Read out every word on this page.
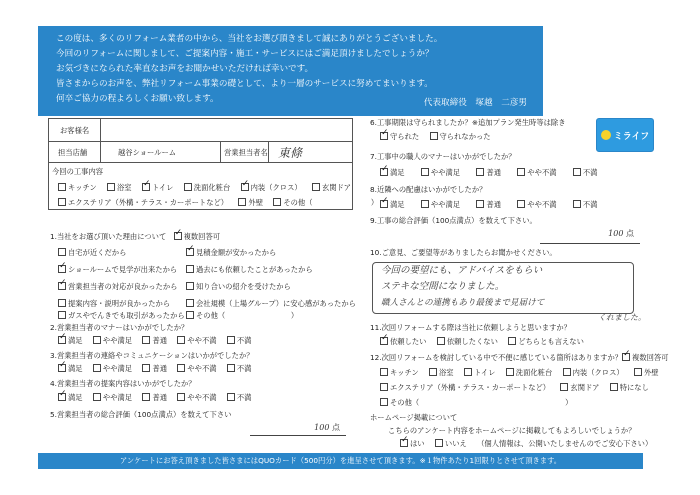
この度は、多くのリフォーム業者の中から、当社をお選び頂きまして誠にありがとうございました。
今回のリフォームに関しまして、ご提案内容・施工・サービスにはご満足頂けましたでしょうか？
お気づきになられた率直なお声をお聞かせいただければ幸いです。
皆さまからのお声を、弊社リフォーム事業の礎として、より一層のサービスに努めてまいります。
何卒ご協力の程よろしくお願い致します。	代表取締役　塚越　二彦男
ミライフ
お客様名
担当店舗	越谷ショールーム	営業担当者名 東條
今回の工事内容
キッチン	浴室 ✓	トイレ	洗面化粧台 ✓	内装（クロス）	玄関ドア
エクステリア（外構・テラス・カーポートなど）	外壁	その他（　　　　　　　　）
1.当社をお選び頂いた理由について　 ✓ 複数回答可
自宅が近くだから ✓	見積金額が安かったから
✓ショールームで見学が出来たから	過去にも依頼したことがあったから
✓営業担当者の対応が良かったから	知り合いの紹介を受けたから
提案内容・説明が良かったから	会社規模（上場グループ）に安心感があったから
ガスやでんきでも取引があったから	その他（　　　　　　　　　）
2.営業担当者のマナーはいかがでしたか？
✓満足	やや満足	普通	やや不満	不満
3.営業担当者の連絡やコミュニケーションはいかがでしたか？
✓満足	やや満足	普通	やや不満	不満
4.営業担当者の提案内容はいかがでしたか？
✓満足	やや満足	普通	やや不満	不満
5.営業担当者の総合評価（100点満点）を数えて下さい
100 点
6.工事期限は守られましたか？※追加プラン発生時等は除き
✓守られた	守られなかった
7.工事中の職人のマナーはいかがでしたか？
✓満足	やや満足	普通	やや不満	不満
8.近隣への配慮はいかがでしたか？
✓満足	やや満足	普通	やや不満	不満
9.工事の総合評価（100点満点）を数えて下さい。
100 点
10.ご意見、ご要望等がありましたらお聞かせください。
今回の要望にも、アドバイスをもらい
ステキな空間になりました。
職人さんとの連携もあり最後まで見届けて
くれました。
11.次回リフォームする際は当社に依頼しようと思いますか？
✓依頼したい	依頼したくない	どちらとも言えない
12.次回リフォームを検討している中で不便に感じている箇所はありますか？ ✓ 複数回答可
キッチン	浴室	トイレ	洗面化粧台	内装（クロス）	外壁
エクステリア（外構・テラス・カーポートなど）	玄関ドア	特になし
その他（　　　　　　　　　　　　　　　　　　　　）
ホームページ掲載について
こちらのアンケート内容をホームページに掲載してもよろしいでしょうか？
✓はい	いいえ （個人情報は、公開いたしませんのでご安心下さい）
アンケートにお答え頂きました皆さまにはQUOカード（500円分）を進呈させて頂きます。※１物件あたり1回限りとさせて頂きます。
